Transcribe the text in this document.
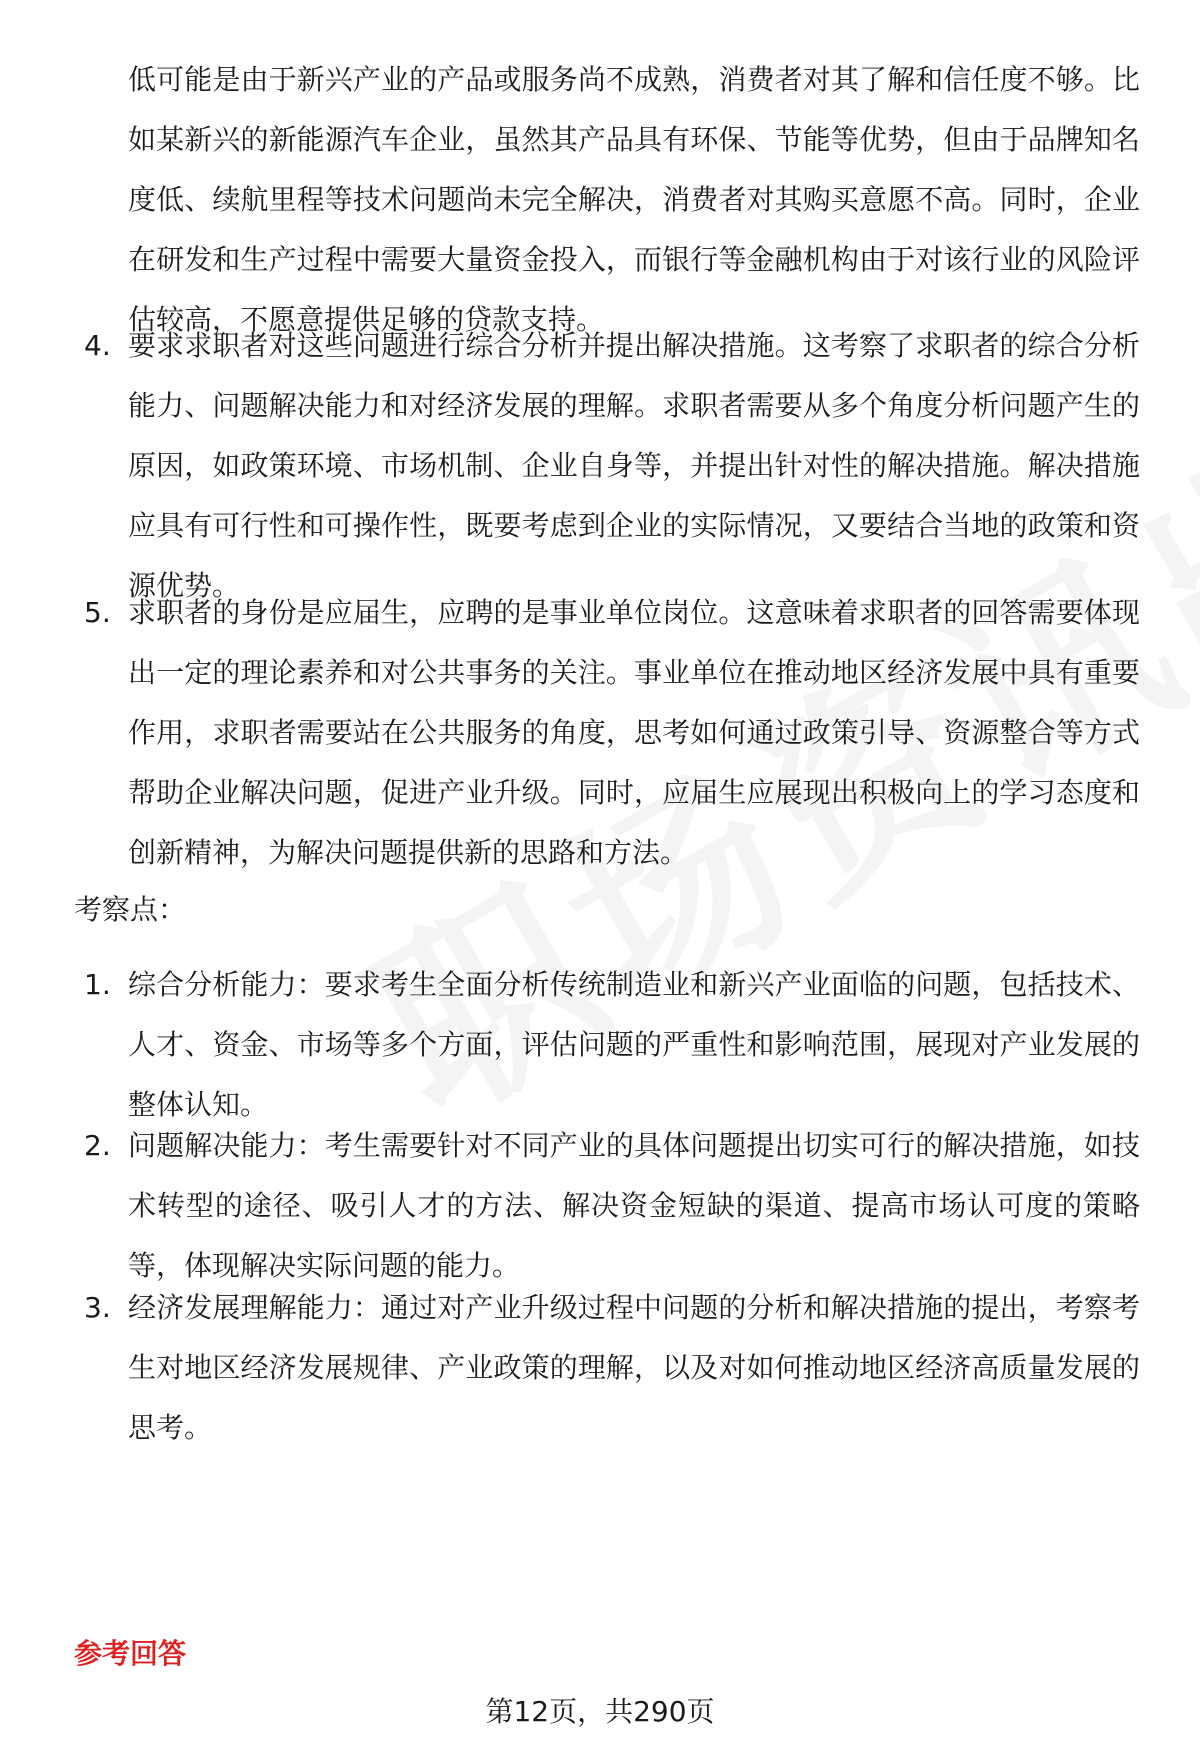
低可能是由于新兴产业的产品或服务尚不成熟，消费者对其了解和信任度不够。比如某新兴的新能源汽车企业，虽然其产品具有环保、节能等优势，但由于品牌知名度低、续航里程等技术问题尚未完全解决，消费者对其购买意愿不高。同时，企业在研发和生产过程中需要大量资金投入，而银行等金融机构由于对该行业的风险评估较高，不愿意提供足够的贷款支持。

4. 要求求职者对这些问题进行综合分析并提出解决措施。这考察了求职者的综合分析能力、问题解决能力和对经济发展的理解。求职者需要从多个角度分析问题产生的原因，如政策环境、市场机制、企业自身等，并提出针对性的解决措施。解决措施应具有可行性和可操作性，既要考虑到企业的实际情况，又要结合当地的政策和资源优势。
5. 求职者的身份是应届生，应聘的是事业单位岗位。这意味着求职者的回答需要体现出一定的理论素养和对公共事务的关注。事业单位在推动地区经济发展中具有重要作用，求职者需要站在公共服务的角度，思考如何通过政策引导、资源整合等方式帮助企业解决问题，促进产业升级。同时，应届生应展现出积极向上的学习态度和创新精神，为解决问题提供新的思路和方法。

考察点：

1. 综合分析能力：要求考生全面分析传统制造业和新兴产业面临的问题，包括技术、人才、资金、市场等多个方面，评估问题的严重性和影响范围，展现对产业发展的整体认知。
2. 问题解决能力：考生需要针对不同产业的具体问题提出切实可行的解决措施，如技术转型的途径、吸引人才的方法、解决资金短缺的渠道、提高市场认可度的策略等，体现解决实际问题的能力。
3. 经济发展理解能力：通过对产业升级过程中问题的分析和解决措施的提出，考察考生对地区经济发展规律、产业政策的理解，以及对如何推动地区经济高质量发展的思考。

参考回答

第12页，共290页
